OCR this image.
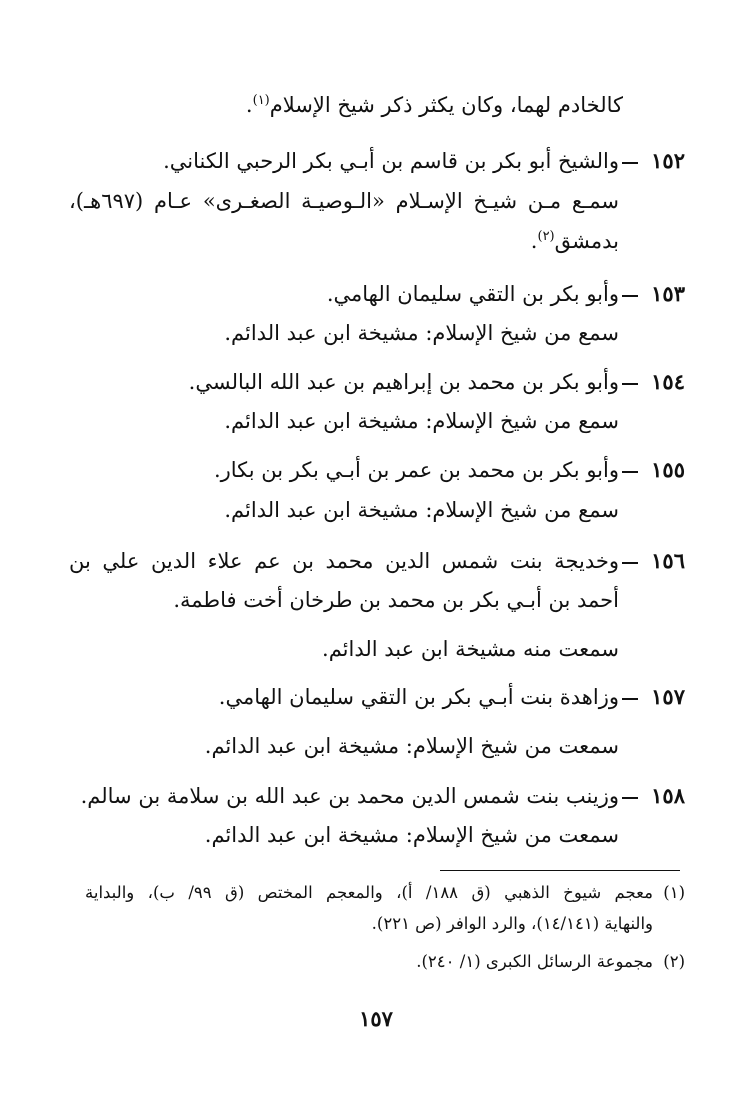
كالخادم لهما، وكان يكثر ذكر شيخ الإسلام$^{(١)}$.
١٥٢
والشيخ أبو بكر بن قاسم بن أبـي بكر الرحبي الكناني.
سمـع مـن شيـخ الإسـلام «الـوصيـة الصغـرى» عـام (٦٩٧هـ)،
بدمشق$^{(٢)}$.
١٥٣
وأبو بكر بن التقي سليمان الهامي.
سمع من شيخ الإسلام: مشيخة ابن عبد الدائم.
١٥٤
وأبو بكر بن محمد بن إبراهيم بن عبد الله البالسي.
سمع من شيخ الإسلام: مشيخة ابن عبد الدائم.
١٥٥
وأبو بكر بن محمد بن عمر بن أبـي بكر بن بكار.
سمع من شيخ الإسلام: مشيخة ابن عبد الدائم.
١٥٦
وخديجة بنت شمس الدين محمد بن عم علاء الدين علي بن
أحمد بن أبـي بكر بن محمد بن طرخان أخت فاطمة.
سمعت منه مشيخة ابن عبد الدائم.
١٥٧
وزاهدة بنت أبـي بكر بن التقي سليمان الهامي.
سمعت من شيخ الإسلام: مشيخة ابن عبد الدائم.
١٥٨
وزينب بنت شمس الدين محمد بن عبد الله بن سلامة بن سالم.
سمعت من شيخ الإسلام: مشيخة ابن عبد الدائم.
(١)
معجم شيوخ الذهبي (ق ١٨٨/ أ)، والمعجم المختص (ق ٩٩/ ب)، والبداية
والنهاية (١٤/١٤١)، والرد الوافر (ص ٢٢١).
(٢)
مجموعة الرسائل الكبرى (١/ ٢٤٠).
١٥٧
